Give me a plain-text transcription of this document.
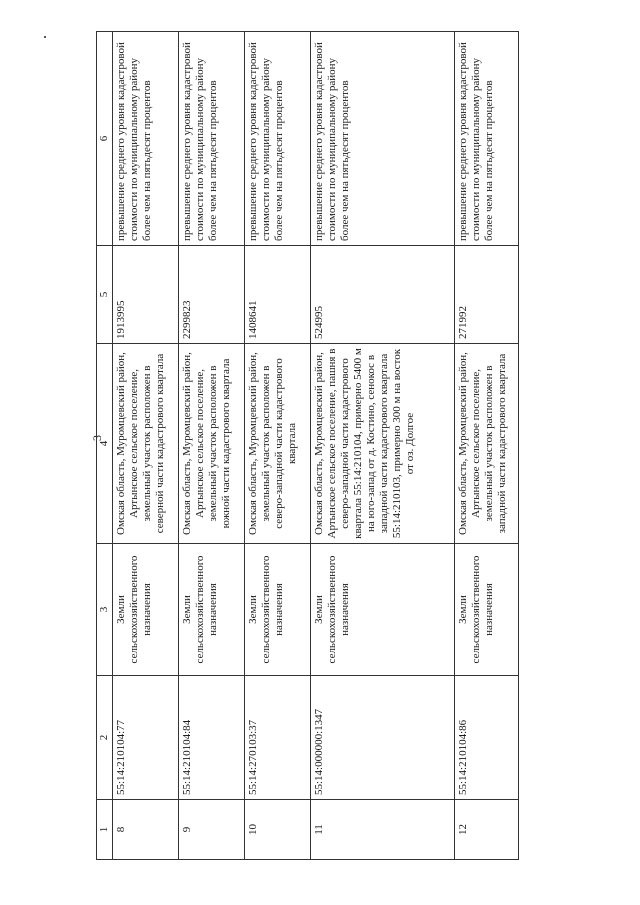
3
1	2	3	4	5	6
8	55:14:210104:77	Земли сельскохозяйственного назначения	Омская область, Муромцевский район, Артынское сельское поселение, земельный участок расположен в северной части кадастрового квартала	1913995	превышение среднего уровня кадастровой стоимости по муниципальному району более чем на пятьдесят процентов
9	55:14:210104:84	Земли сельскохозяйственного назначения	Омская область, Муромцевский район, Артынское сельское поселение, земельный участок расположен в южной части кадастрового квартала	2299823	превышение среднего уровня кадастровой стоимости по муниципальному району более чем на пятьдесят процентов
10	55:14:270103:37	Земли сельскохозяйственного назначения	Омская область, Муромцевский район, земельный участок расположен в северо-западной части кадастрового квартала	1408641	превышение среднего уровня кадастровой стоимости по муниципальному району более чем на пятьдесят процентов
11	55:14:000000:1347	Земли сельскохозяйственного назначения	Омская область, Муромцевский район, Артынское сельское поселение, пашня в северо-западной части кадастрового квартала 55:14:210104, примерно 5400 м на юго-запад от д. Костино, сенокос в западной части кадастрового квартала 55:14:210103, примерно 300 м на восток от оз. Долгое	524995	превышение среднего уровня кадастровой стоимости по муниципальному району более чем на пятьдесят процентов
12	55:14:210104:86	Земли сельскохозяйственного назначения	Омская область, Муромцевский район, Артынское сельское поселение, земельный участок расположен в западной части кадастрового квартала	271992	превышение среднего уровня кадастровой стоимости по муниципальному району более чем на пятьдесят процентов
